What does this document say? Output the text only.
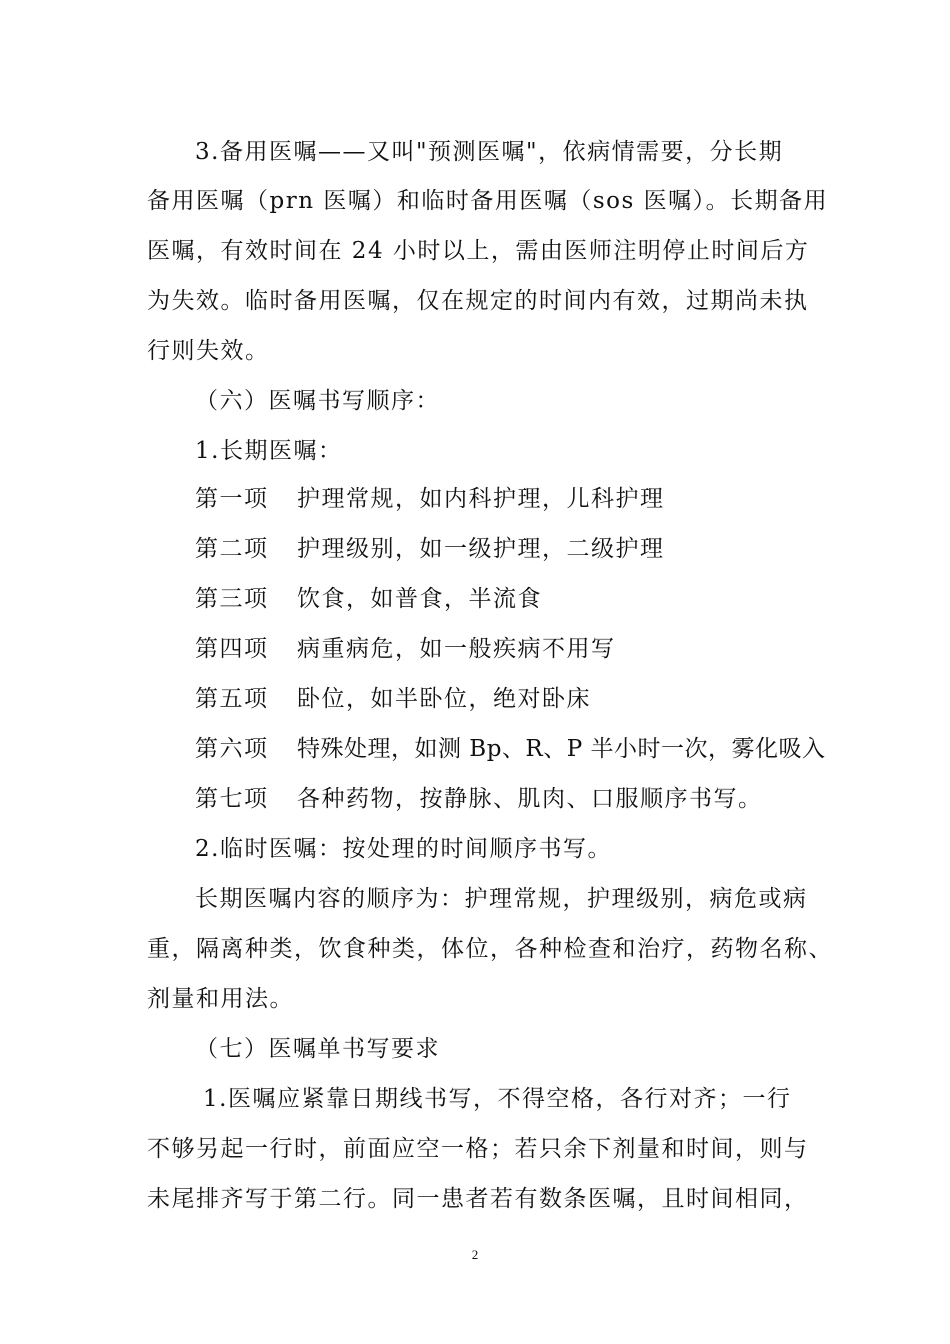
3.备用医嘱——又叫"预测医嘱"，依病情需要，分长期
备用医嘱（prn 医嘱）和临时备用医嘱（sos 医嘱）。长期备用
医嘱，有效时间在 24 小时以上，需由医师注明停止时间后方
为失效。临时备用医嘱，仅在规定的时间内有效，过期尚未执
行则失效。
（六）医嘱书写顺序：
1.长期医嘱：
第一项 护理常规，如内科护理，儿科护理
第二项 护理级别，如一级护理，二级护理
第三项 饮食，如普食，半流食
第四项 病重病危，如一般疾病不用写
第五项 卧位，如半卧位，绝对卧床
第六项 特殊处理，如测 Bp、R、P 半小时一次，雾化吸入
第七项 各种药物，按静脉、肌肉、口服顺序书写。
2.临时医嘱：按处理的时间顺序书写。
长期医嘱内容的顺序为：护理常规，护理级别，病危或病
重，隔离种类，饮食种类，体位，各种检查和治疗，药物名称、
剂量和用法。
（七）医嘱单书写要求
1.医嘱应紧靠日期线书写，不得空格，各行对齐；一行
不够另起一行时，前面应空一格；若只余下剂量和时间，则与
未尾排齐写于第二行。同一患者若有数条医嘱，且时间相同，
2
